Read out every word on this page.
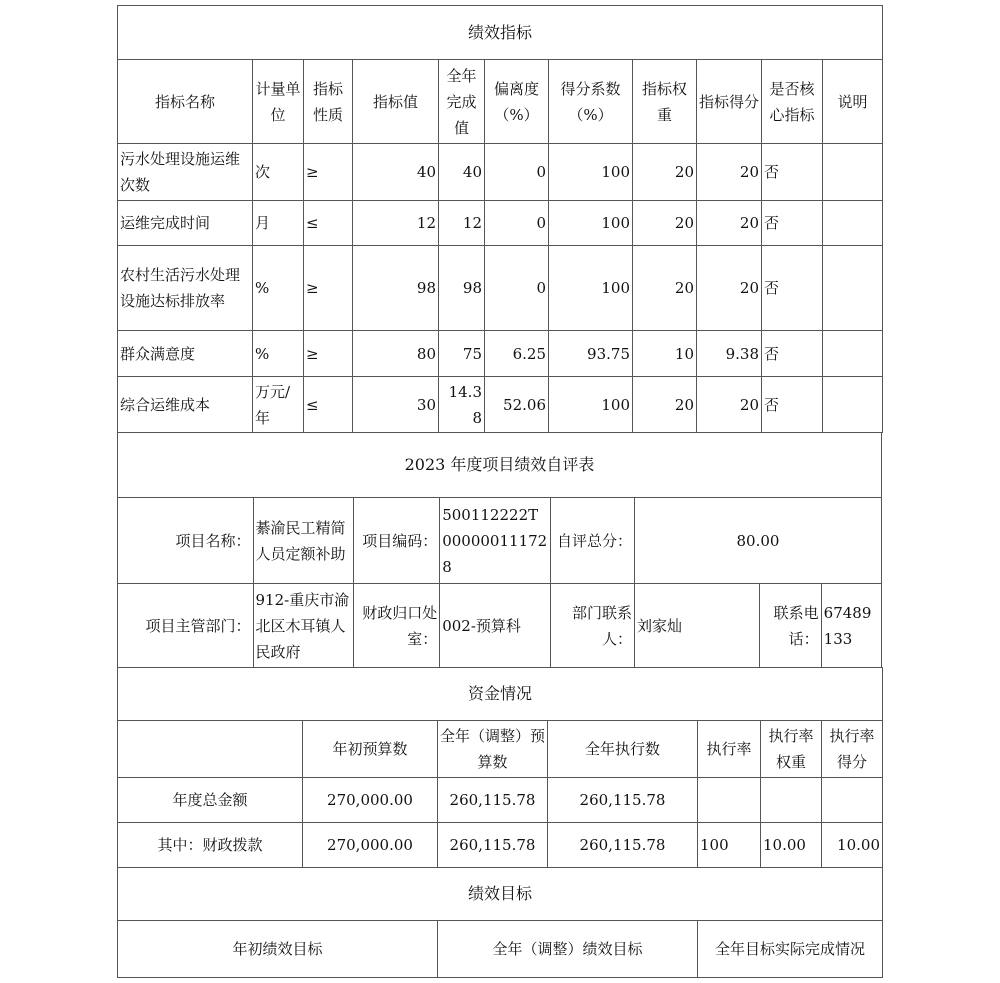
绩效指标										
指标名称	计量单位	指标性质	指标值	全年完成值	偏离度（%）	得分系数（%）	指标权重	指标得分	是否核心指标	说明
污水处理设施运维次数	次	≥	40	40	0	100	20	20	否	
运维完成时间	月	≤	12	12	0	100	20	20	否	
农村生活污水处理设施达标排放率	%	≥	98	98	0	100	20	20	否	
群众满意度	%	≥	80	75	6.25	93.75	10	9.38	否	
综合运维成本	万元/年	≤	30	14.38	52.06	100	20	20	否	
2023 年度项目绩效自评表							
项目名称：	綦渝民工精简人员定额补助	项目编码：	500112222T000000111728	自评总分：	80.00		
项目主管部门：	912-重庆市渝北区木耳镇人民政府	财政归口处室：	002-预算科	部门联系人：	刘家灿	联系电话：	67489133
资金情况						
	年初预算数	全年（调整）预算数	全年执行数	执行率	执行率权重	执行率得分
年度总金额	270,000.00	260,115.78	260,115.78			
其中：财政拨款	270,000.00	260,115.78	260,115.78	100	10.00	10.00
绩效目标
年初绩效目标	全年（调整）绩效目标	全年目标实际完成情况
